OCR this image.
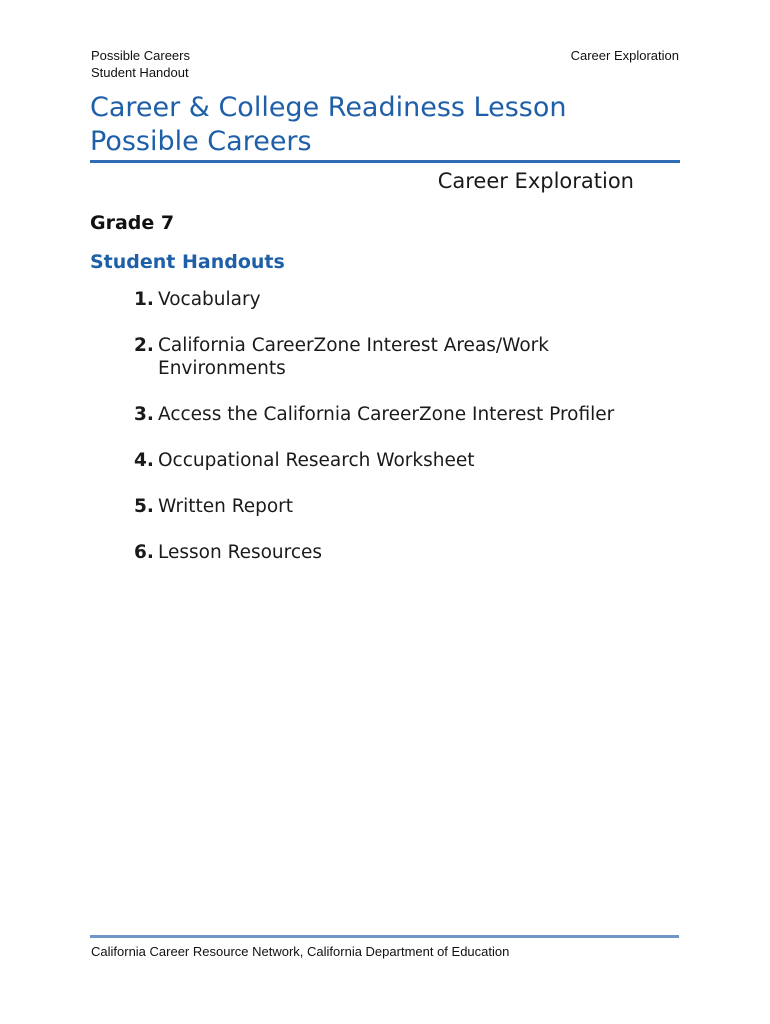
Possible Careers
Student Handout
Career Exploration
Career & College Readiness Lesson
Possible Careers
Career Exploration
Grade 7
Student Handouts
1. Vocabulary
2. California CareerZone Interest Areas/Work Environments
3. Access the California CareerZone Interest Profiler
4. Occupational Research Worksheet
5. Written Report
6. Lesson Resources
California Career Resource Network, California Department of Education
